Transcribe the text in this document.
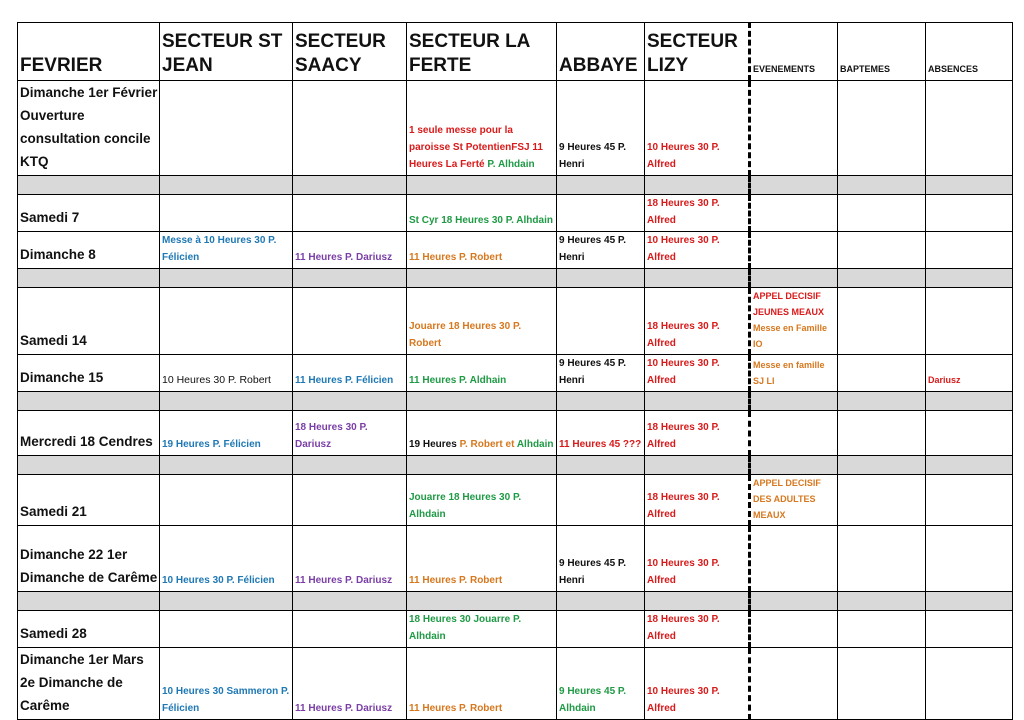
FEVRIER	SECTEUR ST JEAN	SECTEUR SAACY	SECTEUR LA FERTE	ABBAYE	SECTEUR LIZY	EVENEMENTS	BAPTEMES	ABSENCES
Dimanche 1er Février Ouverture consultation concile KTQ			1 seule messe pour la paroisse St PotentienFSJ 11 Heures La Ferté P. Alhdain	9 Heures 45 P. Henri	10 Heures 30 P. Alfred			

Samedi 7			St Cyr 18 Heures 30 P. Alhdain		18 Heures 30 P. Alfred			
Dimanche 8	Messe à 10 Heures 30 P. Félicien	11 Heures P. Dariusz	11 Heures P. Robert	9 Heures 45 P. Henri	10 Heures 30 P. Alfred			

Samedi 14			Jouarre 18 Heures 30 P. Robert		18 Heures 30 P. Alfred	APPEL DECISIF JEUNES MEAUX
Messe en Famille IO		
Dimanche 15	10 Heures 30 P. Robert	11 Heures P. Félicien	11 Heures P. Aldhain	9 Heures 45 P. Henri	10 Heures 30 P. Alfred	Messe en famille SJ LI		Dariusz

Mercredi 18 Cendres	19 Heures P. Félicien	18 Heures 30 P. Dariusz	19 Heures P. Robert et Alhdain	11 Heures 45 ???	18 Heures 30 P. Alfred			

Samedi 21			Jouarre 18 Heures 30 P. Alhdain		18 Heures 30 P. Alfred	APPEL DECISIF DES ADULTES MEAUX		
Dimanche 22 1er Dimanche de Carême	10 Heures 30 P. Félicien	11 Heures P. Dariusz	11 Heures P. Robert	9 Heures 45 P. Henri	10 Heures 30 P. Alfred			

Samedi 28			18 Heures 30 Jouarre P. Alhdain		18 Heures 30 P. Alfred			
Dimanche 1er Mars 2e Dimanche de Carême	10 Heures 30 Sammeron P. Félicien	11 Heures P. Dariusz	11 Heures P. Robert	9 Heures 45 P. Alhdain	10 Heures 30 P. Alfred			
